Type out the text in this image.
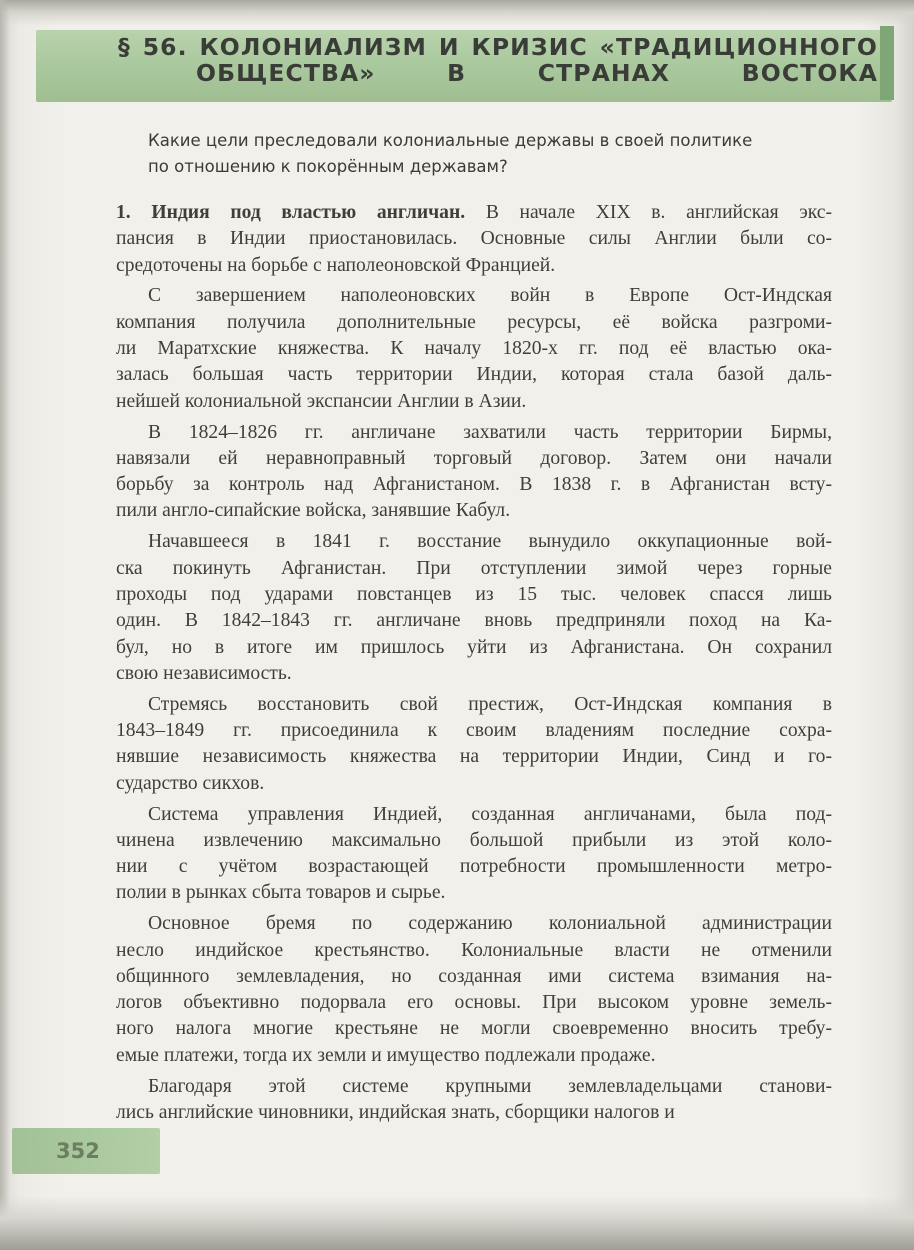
§ 56. КОЛОНИАЛИЗМ И КРИЗИС «ТРАДИЦИОННОГО
ОБЩЕСТВА» В СТРАНАХ ВОСТОКА

Какие цели преследовали колониальные державы в своей политике
по отношению к покорённым державам?

1. Индия под властью англичан. В начале XIX в. английская экс-
пансия в Индии приостановилась. Основные силы Англии были со-
средоточены на борьбе с наполеоновской Францией.
С завершением наполеоновских войн в Европе Ост-Индская
компания получила дополнительные ресурсы, её войска разгроми-
ли Маратхские княжества. К началу 1820-х гг. под её властью ока-
залась большая часть территории Индии, которая стала базой даль-
нейшей колониальной экспансии Англии в Азии.
В 1824–1826 гг. англичане захватили часть территории Бирмы,
навязали ей неравноправный торговый договор. Затем они начали
борьбу за контроль над Афганистаном. В 1838 г. в Афганистан всту-
пили англо-сипайские войска, занявшие Кабул.
Начавшееся в 1841 г. восстание вынудило оккупационные вой-
ска покинуть Афганистан. При отступлении зимой через горные
проходы под ударами повстанцев из 15 тыс. человек спасся лишь
один. В 1842–1843 гг. англичане вновь предприняли поход на Ка-
бул, но в итоге им пришлось уйти из Афганистана. Он сохранил
свою независимость.
Стремясь восстановить свой престиж, Ост-Индская компания в
1843–1849 гг. присоединила к своим владениям последние сохра-
нявшие независимость княжества на территории Индии, Синд и го-
сударство сикхов.
Система управления Индией, созданная англичанами, была под-
чинена извлечению максимально большой прибыли из этой коло-
нии с учётом возрастающей потребности промышленности метро-
полии в рынках сбыта товаров и сырье.
Основное бремя по содержанию колониальной администрации
несло индийское крестьянство. Колониальные власти не отменили
общинного землевладения, но созданная ими система взимания на-
логов объективно подорвала его основы. При высоком уровне земель-
ного налога многие крестьяне не могли своевременно вносить требу-
емые платежи, тогда их земли и имущество подлежали продаже.
Благодаря этой системе крупными землевладельцами станови-
лись английские чиновники, индийская знать, сборщики налогов и
352
